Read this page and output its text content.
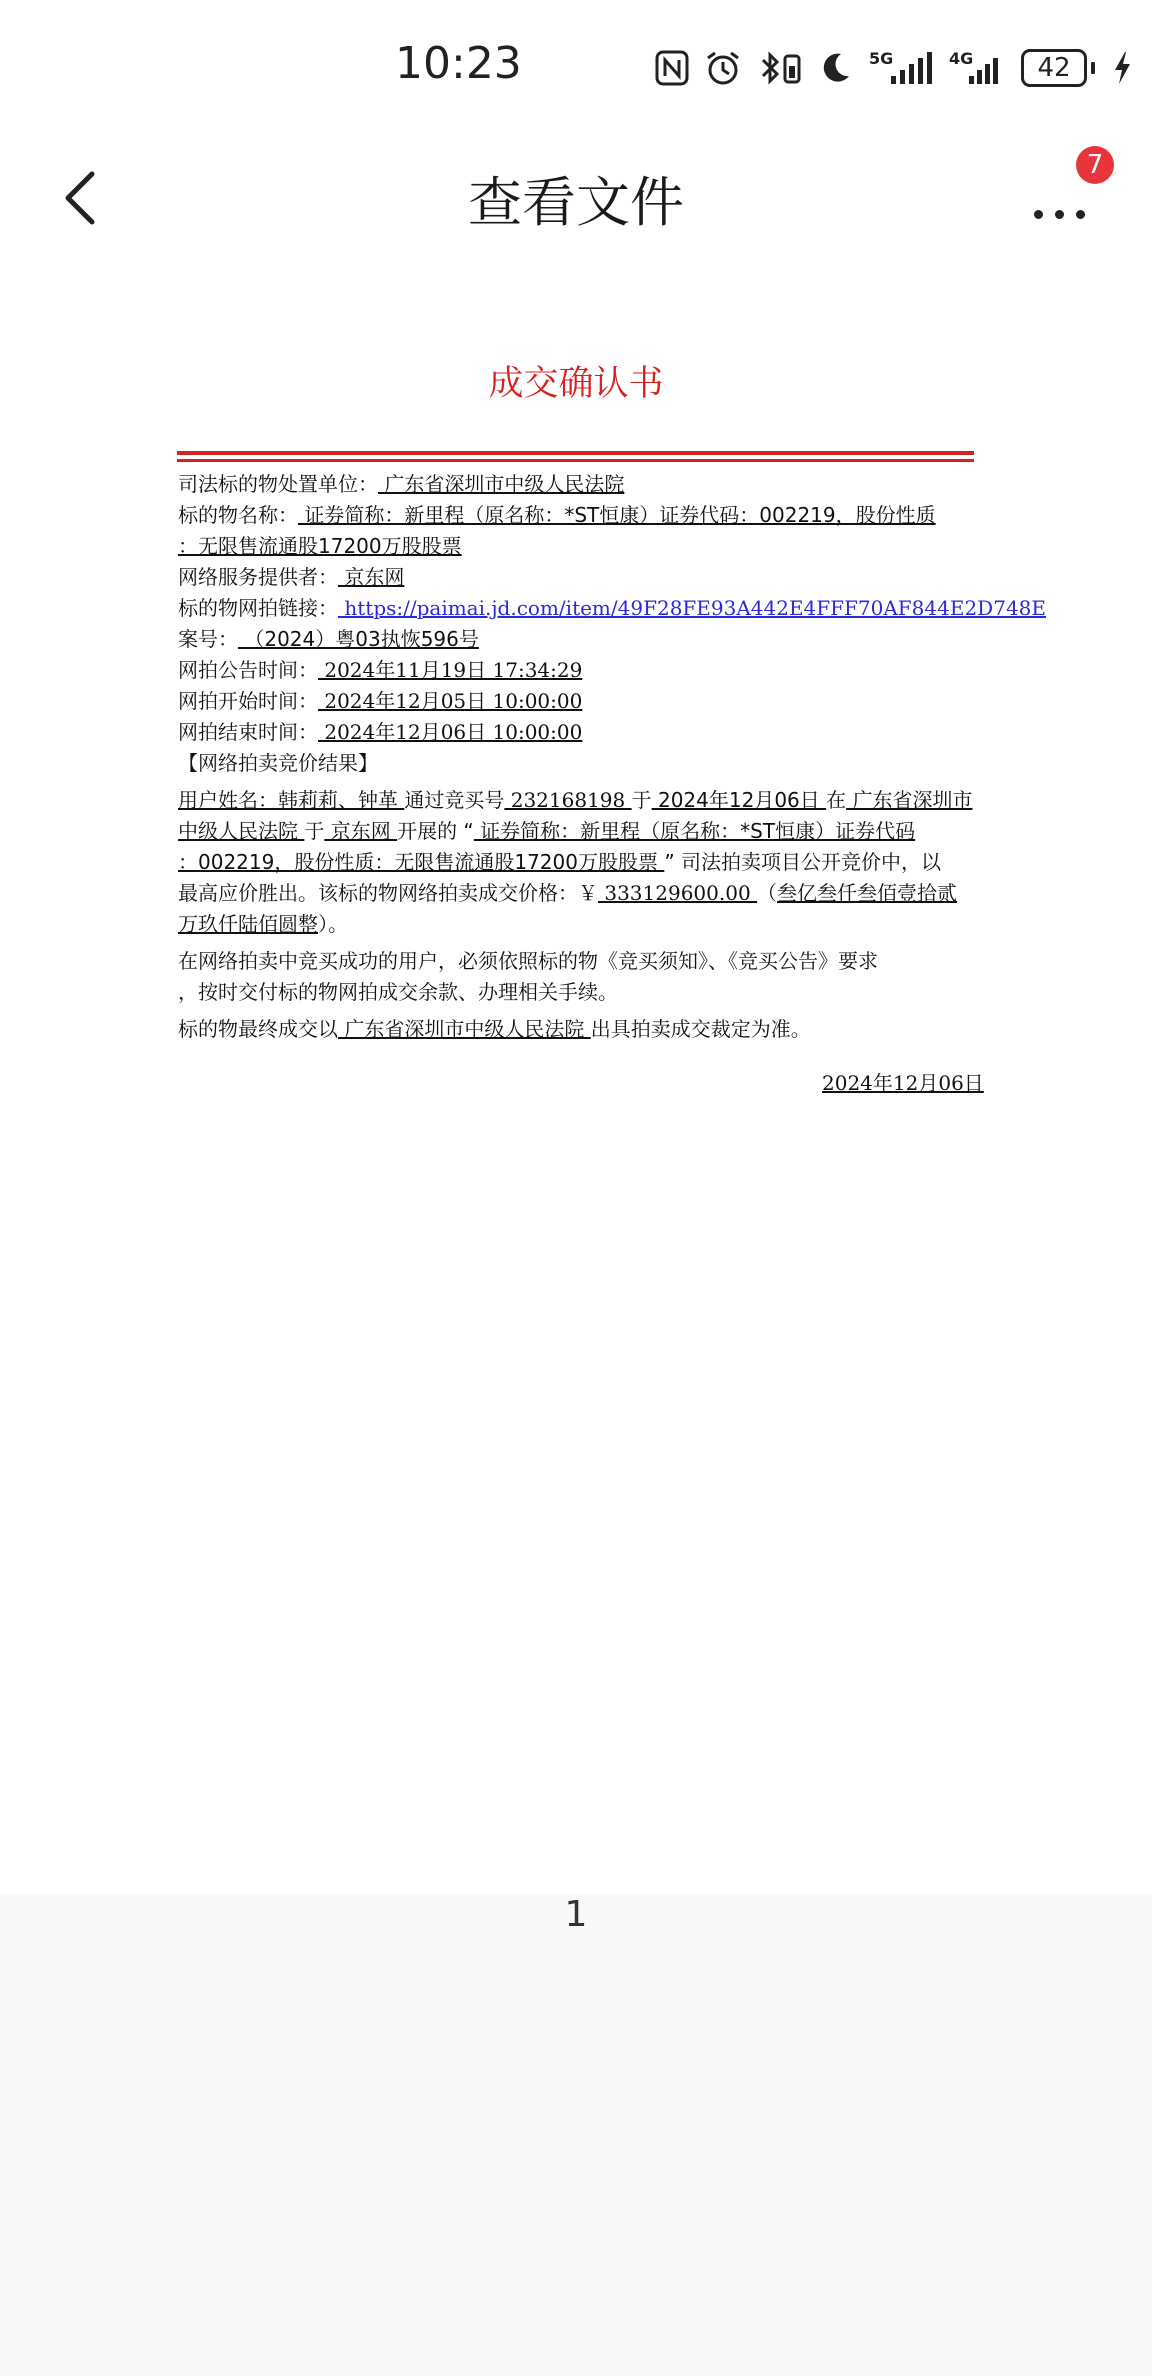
10:23	5G	4G	42
查看文件
7
成交确认书
司法标的物处置单位： 广东省深圳市中级人民法院
标的物名称： 证券简称：新里程（原名称：*ST恒康）证券代码：002219，股份性质
：无限售流通股17200万股股票
网络服务提供者： 京东网
标的物网拍链接： https://paimai.jd.com/item/49F28FE93A442E4FFF70AF844E2D748E
案号： （2024）粤03执恢596号
网拍公告时间： 2024年11月19日 17:34:29
网拍开始时间： 2024年12月05日 10:00:00
网拍结束时间： 2024年12月06日 10:00:00
【网络拍卖竞价结果】
用户姓名：韩莉莉、钟革 通过竞买号 232168198 于 2024年12月06日 在 广东省深圳市
中级人民法院 于 京东网 开展的 “ 证券简称：新里程（原名称：*ST恒康）证券代码
：002219，股份性质：无限售流通股17200万股股票 ” 司法拍卖项目公开竞价中，以
最高应价胜出。该标的物网络拍卖成交价格：￥ 333129600.00 （叁亿叁仟叁佰壹拾贰
万玖仟陆佰圆整）。
在网络拍卖中竞买成功的用户，必须依照标的物《竞买须知》、《竞买公告》要求
，按时交付标的物网拍成交余款、办理相关手续。
标的物最终成交以 广东省深圳市中级人民法院 出具拍卖成交裁定为准。
2024年12月06日
1
